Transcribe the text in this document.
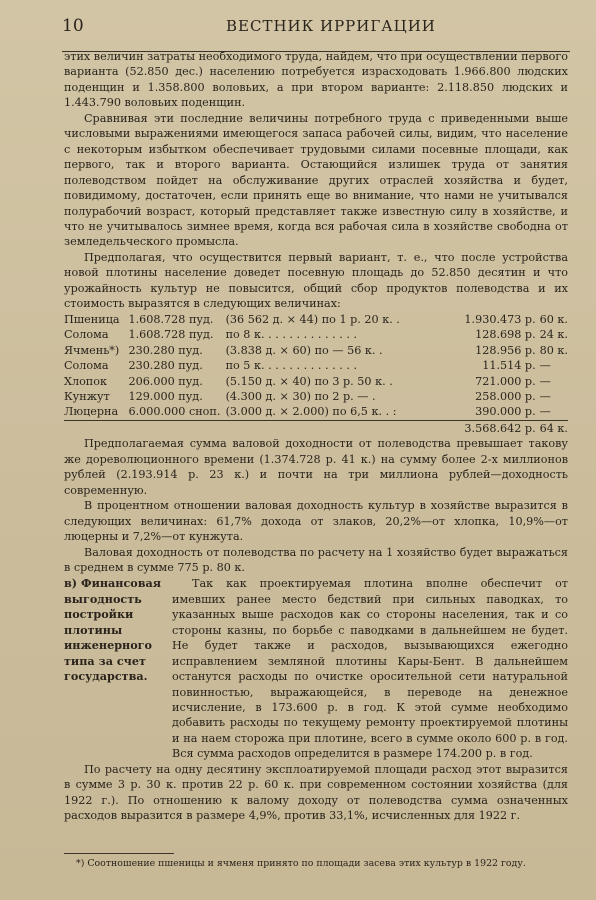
10	ВЕСТНИК ИРРИГАЦИИ

этих величин затраты необходимого труда, найдем, что при осуществлении первого варианта (52.850 дес.) населению потребуется израсходовать 1.966.800 людских поденщин и 1.358.800 воловьих, а при втором варианте: 2.118.850 людских и 1.443.790 воловьих поденщин.

Сравнивая эти последние величины потребного труда с приведенными выше числовыми выражениями имеющегося запаса рабочей силы, видим, что население с некоторым избытком обеспечивает трудовыми силами посевные площади, как первого, так и второго варианта. Остающийся излишек труда от занятия полеводством пойдет на обслуживание других отраслей хозяйства и будет, повидимому, достаточен, если принять еще во внимание, что нами не учитывался полурабочий возраст, который представляет также известную силу в хозяйстве, и что не учитывалось зимнее время, когда вся рабочая сила в хозяйстве свободна от земледельческого промысла.

Предполагая, что осуществится первый вариант, т. е., что после устройства новой плотины население доведет посевную площадь до 52.850 десятин и что урожайность культур не повысится, общий сбор продуктов полеводства и их стоимость выразятся в следующих величинах:

Пшеница	1.608.728 пуд.	(36 562 д. × 44) по 1 р. 20 к. .	1.930.473 р.	60 к.
Солома	1.608.728 пуд.	по 8 к. . . . . . . . . . . . . .	128.698 р.	24 к.
Ячмень*)	230.280 пуд.	(3.838 д. × 60) по — 56 к. .	128.956 р.	80 к.
Солома	230.280 пуд.	по 5 к. . . . . . . . . . . . . .	11.514 р.	—
Хлопок	206.000 пуд.	(5.150 д. × 40) по 3 р. 50 к. .	721.000 р.	—
Кунжут	129.000 пуд.	(4.300 д. × 30) по 2 р. — .	258.000 р.	—
Люцерна	6.000.000 сноп.	(3.000 д. × 2.000) по 6,5 к. . :	390.000 р.	—
			3.568.642 р.	64 к.

Предполагаемая сумма валовой доходности от полеводства превышает такову же дореволюционного времени (1.374.728 р. 41 к.) на сумму более 2-х миллионов рублей (2.193.914 р. 23 к.) и почти на три миллиона рублей—доходность современную.

В процентном отношении валовая доходность культур в хозяйстве выразится в следующих величинах: 61,7% дохода от злаков, 20,2%—от хлопка, 10,9%—от люцерны и 7,2%—от кунжута.

Валовая доходность от полеводства по расчету на 1 хозяйство будет выражаться в среднем в сумме 775 р. 80 к.

в) Финансовая выгодность постройки плотины инженерного типа за счет государства.
Так как проектируемая плотина вполне обеспечит от имевших ранее место бедствий при сильных паводках, то указанных выше расходов как со стороны населения, так и со стороны казны, по борьбе с паводками в дальнейшем не будет. Не будет также и расходов, вызывающихся ежегодно исправлением земляной плотины Кары-Бент. В дальнейшем останутся расходы по очистке оросительной сети натуральной повинностью, выражающейся, в переводе на денежное исчисление, в 173.600 р. в год. К этой сумме необходимо добавить расходы по текущему ремонту проектируемой плотины и на наем сторожа при плотине, всего в сумме около 600 р. в год. Вся сумма расходов определится в размере 174.200 р. в год.

По расчету на одну десятину эксплоатируемой площади расход этот выразится в сумме 3 р. 30 к. против 22 р. 60 к. при современном состоянии хозяйства (для 1922 г.). По отношению к валому доходу от полеводства сумма означенных расходов выразится в размере 4,9%, против 33,1%, исчисленных для 1922 г.

*) Соотношение пшеницы и ячменя принято по площади засева этих культур в 1922 году.
